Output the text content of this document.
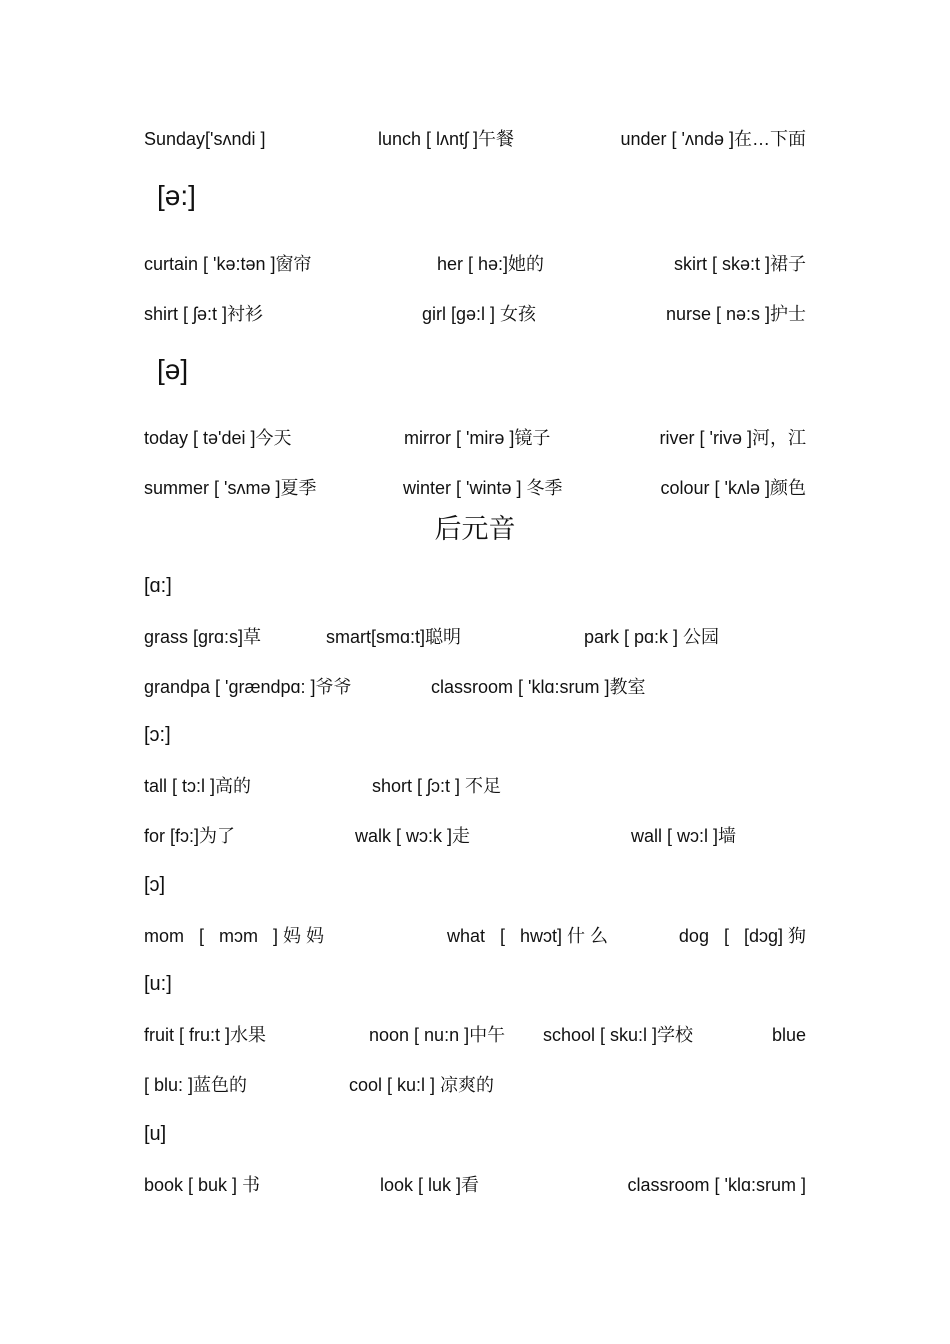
Sunday['sʌndi ]	lunch [ lʌntʃ ]午餐	under [ 'ʌndə ]在…下面
[ə:]
curtain [ 'kə:tən ]窗帘	her [ hə:]她的	skirt [ skə:t ]裙子
shirt [ ʃə:t ]衬衫	girl [gə:l ] 女孩	nurse [ nə:s ]护士
[ə]
today [ tə'dei ]今天	mirror [ 'mirə ]镜子	river [ 'rivə ]河，江
summer [ 'sʌmə ]夏季	winter [ 'wintə ] 冬季	colour [ 'kʌlə ]颜色
后元音
[ɑ:]
grass [grɑ:s]草	smart[smɑ:t]聪明	park [ pɑ:k ] 公园
grandpa [ 'grændpɑ: ]爷爷	classroom [ 'klɑ:srum ]教室
[ɔ:]
tall [ tɔ:l ]高的	short [ ʃɔ:t ] 不足
for [fɔ:]为了	walk [ wɔ:k ]走	wall [ wɔ:l ]墙
[ɔ]
mom   [   mɔm   ] 妈 妈	what   [   hwɔt] 什 么	dog   [   [dɔg] 狗
[u:]
fruit [ fru:t ]水果	noon [ nu:n ]中午 school [ sku:l ]学校	blue
[ blu: ]蓝色的	cool [ ku:l ] 凉爽的
[u]
book [ buk ] 书	look [ luk ]看	classroom [ 'klɑ:srum ]
